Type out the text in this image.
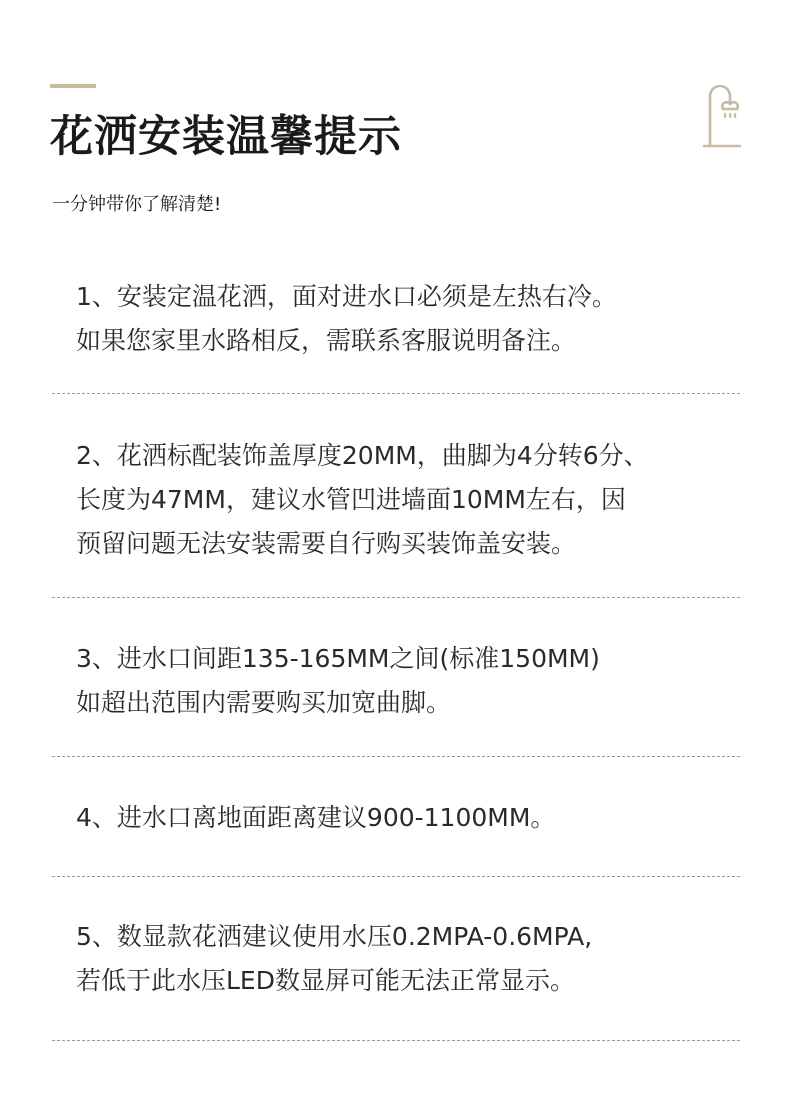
花洒安装温馨提示

一分钟带你了解清楚!

1、安装定温花洒，面对进水口必须是左热右冷。
如果您家里水路相反，需联系客服说明备注。
2、花洒标配装饰盖厚度20MM，曲脚为4分转6分、
长度为47MM，建议水管凹进墙面10MM左右，因
预留问题无法安装需要自行购买装饰盖安装。
3、进水口间距135-165MM之间(标准150MM)
如超出范围内需要购买加宽曲脚。
4、进水口离地面距离建议900-1100MM。
5、数显款花洒建议使用水压0.2MPA-0.6MPA,
若低于此水压LED数显屏可能无法正常显示。
